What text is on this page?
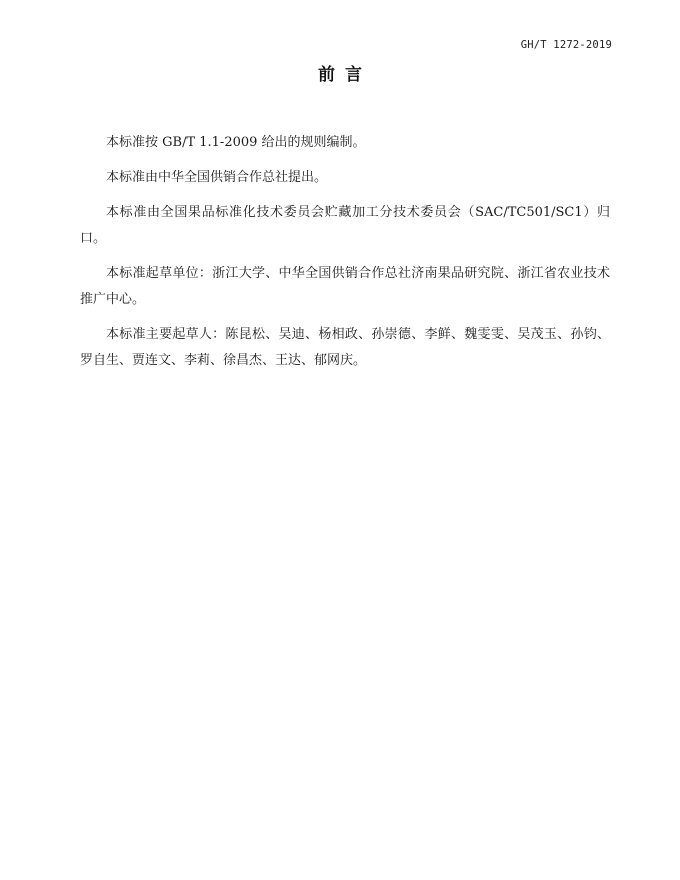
GH/T 1272-2019
前言

本标准按 GB/T 1.1-2009 给出的规则编制。

本标准由中华全国供销合作总社提出。

本标准由全国果品标准化技术委员会贮藏加工分技术委员会（SAC/TC501/SC1）归口。

本标准起草单位：浙江大学、中华全国供销合作总社济南果品研究院、浙江省农业技术推广中心。

本标准主要起草人：陈昆松、吴迪、杨相政、孙崇德、李鲜、魏雯雯、吴茂玉、孙钧、罗自生、贾连文、李莉、徐昌杰、王达、郁网庆。
